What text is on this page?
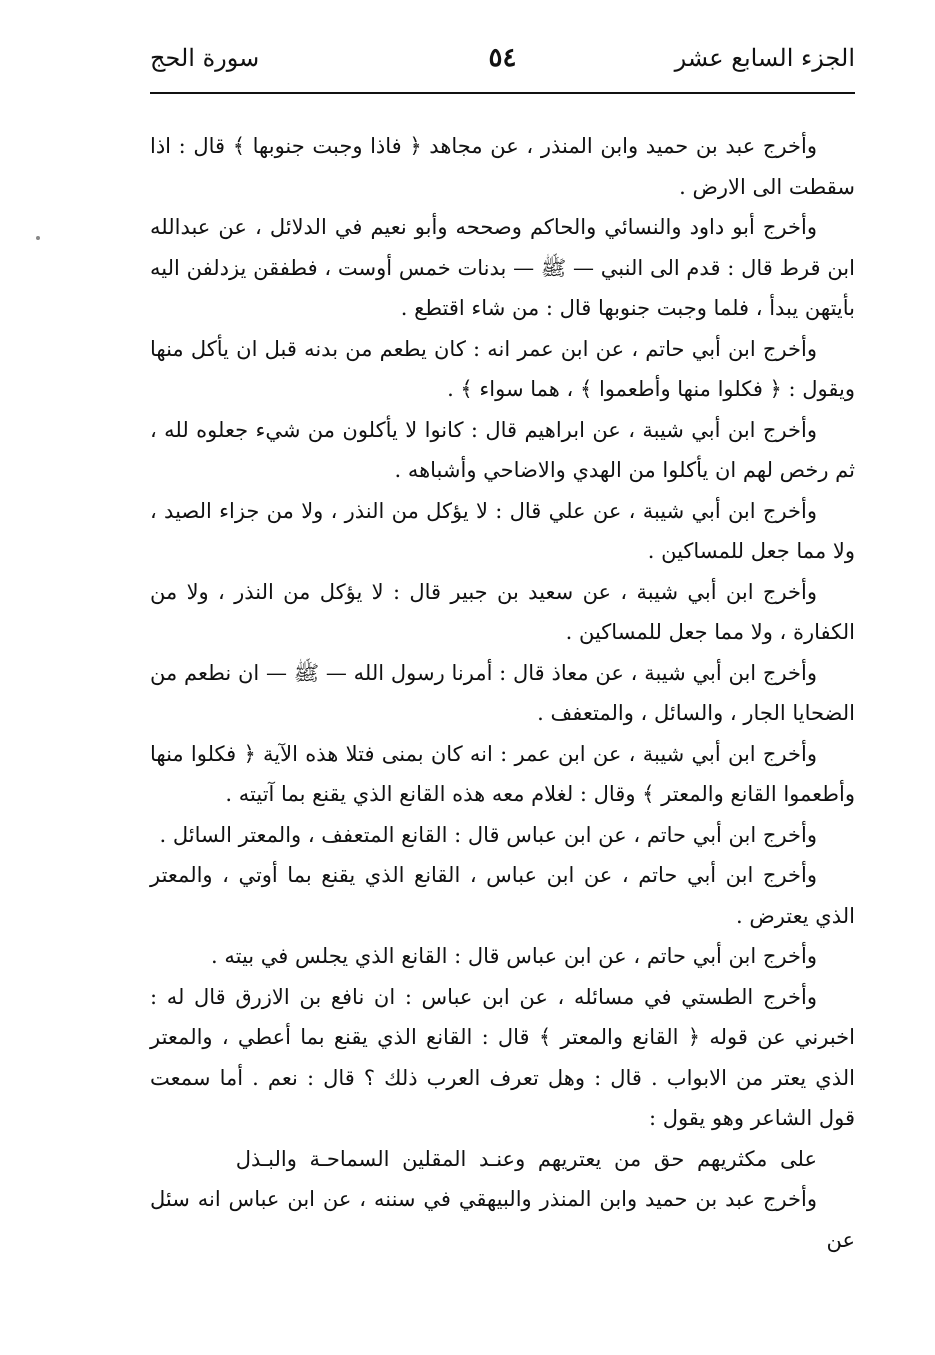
الجزء السابع عشر
٥٤
سورة الحج

وأخرج عبد بن حميد وابن المنذر ، عن مجاهد ﴿ فاذا وجبت جنوبها ﴾ قال : اذا سقطت الى الارض .

وأخرج أبو داود والنسائي والحاكم وصححه وأبو نعيم في الدلائل ، عن عبدالله ابن قرط قال : قدم الى النبي — ﷺ — بدنات خمس أوست ، فطفقن يزدلفن اليه بأيتهن يبدأ ، فلما وجبت جنوبها قال : من شاء اقتطع .

وأخرج ابن أبي حاتم ، عن ابن عمر انه : كان يطعم من بدنه قبل ان يأكل منها ويقول : ﴿ فكلوا منها وأطعموا ﴾ ، هما سواء ﴾ .

وأخرج ابن أبي شيبة ، عن ابراهيم قال : كانوا لا يأكلون من شيء جعلوه لله ، ثم رخص لهم ان يأكلوا من الهدي والاضاحي وأشباهه .

وأخرج ابن أبي شيبة ، عن علي قال : لا يؤكل من النذر ، ولا من جزاء الصيد ، ولا مما جعل للمساكين .

وأخرج ابن أبي شيبة ، عن سعيد بن جبير قال : لا يؤكل من النذر ، ولا من الكفارة ، ولا مما جعل للمساكين .

وأخرج ابن أبي شيبة ، عن معاذ قال : أمرنا رسول الله — ﷺ — ان نطعم من الضحايا الجار ، والسائل ، والمتعفف .

وأخرج ابن أبي شيبة ، عن ابن عمر : انه كان بمنى فتلا هذه الآية ﴿ فكلوا منها وأطعموا القانع والمعتر ﴾ وقال : لغلام معه هذه القانع الذي يقنع بما آتيته .

وأخرج ابن أبي حاتم ، عن ابن عباس قال : القانع المتعفف ، والمعتر السائل .

وأخرج ابن أبي حاتم ، عن ابن عباس ، القانع الذي يقنع بما أوتي ، والمعتر الذي يعترض .

وأخرج ابن أبي حاتم ، عن ابن عباس قال : القانع الذي يجلس في بيته .

وأخرج الطستي في مسائله ، عن ابن عباس : ان نافع بن الازرق قال له : اخبرني عن قوله ﴿ القانع والمعتر ﴾ قال : القانع الذي يقنع بما أعطي ، والمعتر الذي يعتر من الابواب . قال : وهل تعرف العرب ذلك ؟ قال : نعم . أما سمعت قول الشاعر وهو يقول :

على مكثريهم حق من يعتريهم وعنـد المقلين السماحـة والبـذل

وأخرج عبد بن حميد وابن المنذر والبيهقي في سننه ، عن ابن عباس انه سئل عن
